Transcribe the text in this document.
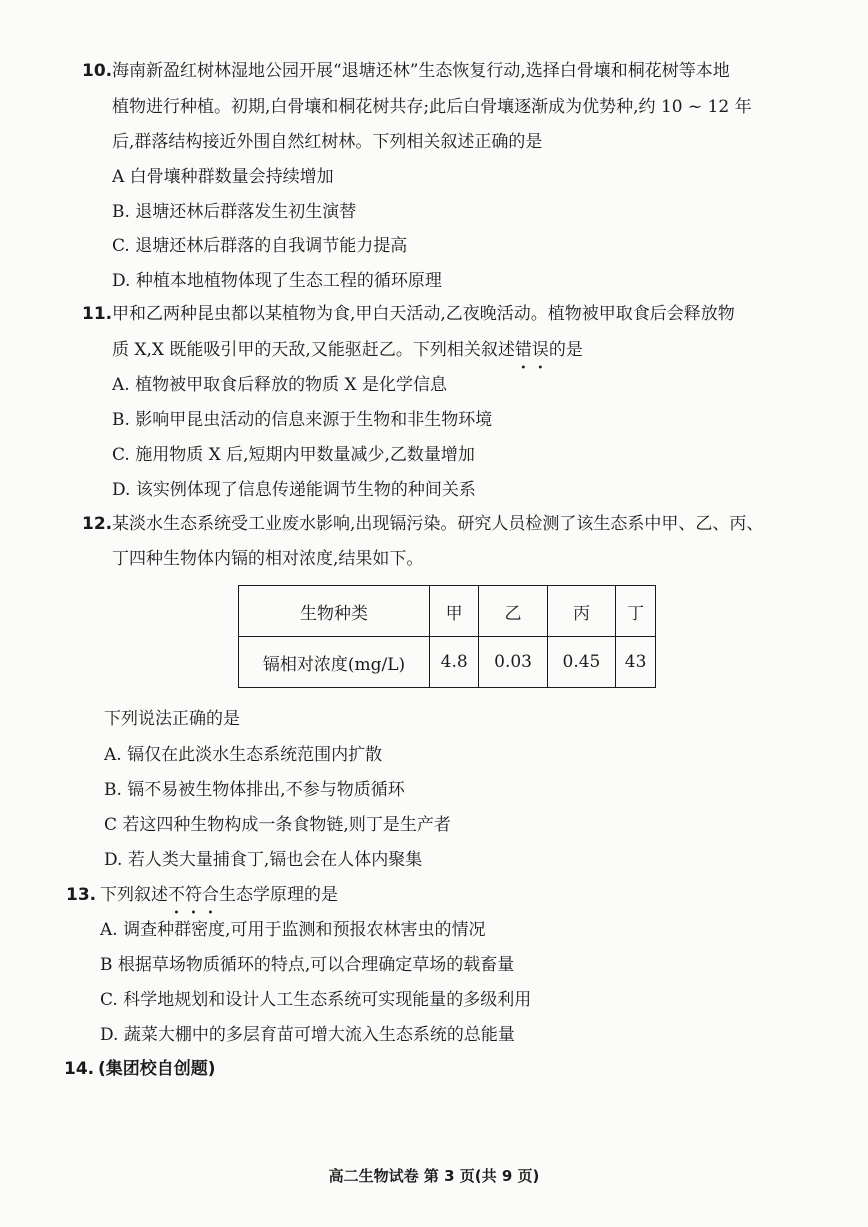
10. 海南新盈红树林湿地公园开展“退塘还林”生态恢复行动,选择白骨壤和桐花树等本地
植物进行种植。初期,白骨壤和桐花树共存;此后白骨壤逐渐成为优势种,约 10 ~ 12 年
后,群落结构接近外围自然红树林。下列相关叙述正确的是
A 白骨壤种群数量会持续增加
B. 退塘还林后群落发生初生演替
C. 退塘还林后群落的自我调节能力提高
D. 种植本地植物体现了生态工程的循环原理
11. 甲和乙两种昆虫都以某植物为食,甲白天活动,乙夜晚活动。植物被甲取食后会释放物
质 X,X 既能吸引甲的天敌,又能驱赶乙。下列相关叙述错误的是
A. 植物被甲取食后释放的物质 X 是化学信息
B. 影响甲昆虫活动的信息来源于生物和非生物环境
C. 施用物质 X 后,短期内甲数量减少,乙数量增加
D. 该实例体现了信息传递能调节生物的种间关系
12. 某淡水生态系统受工业废水影响,出现镉污染。研究人员检测了该生态系中甲、乙、丙、
丁四种生物体内镉的相对浓度,结果如下。
生物种类	甲	乙	丙	丁
镉相对浓度(mg/L)	4.8	0.03	0.45	43
下列说法正确的是
A. 镉仅在此淡水生态系统范围内扩散
B. 镉不易被生物体排出,不参与物质循环
C 若这四种生物构成一条食物链,则丁是生产者
D. 若人类大量捕食丁,镉也会在人体内聚集
13. 下列叙述不符合生态学原理的是
A. 调查种群密度,可用于监测和预报农林害虫的情况
B 根据草场物质循环的特点,可以合理确定草场的载畜量
C. 科学地规划和设计人工生态系统可实现能量的多级利用
D. 蔬菜大棚中的多层育苗可增大流入生态系统的总能量
14. (集团校自创题)
高二生物试卷 第 3 页(共 9 页)
